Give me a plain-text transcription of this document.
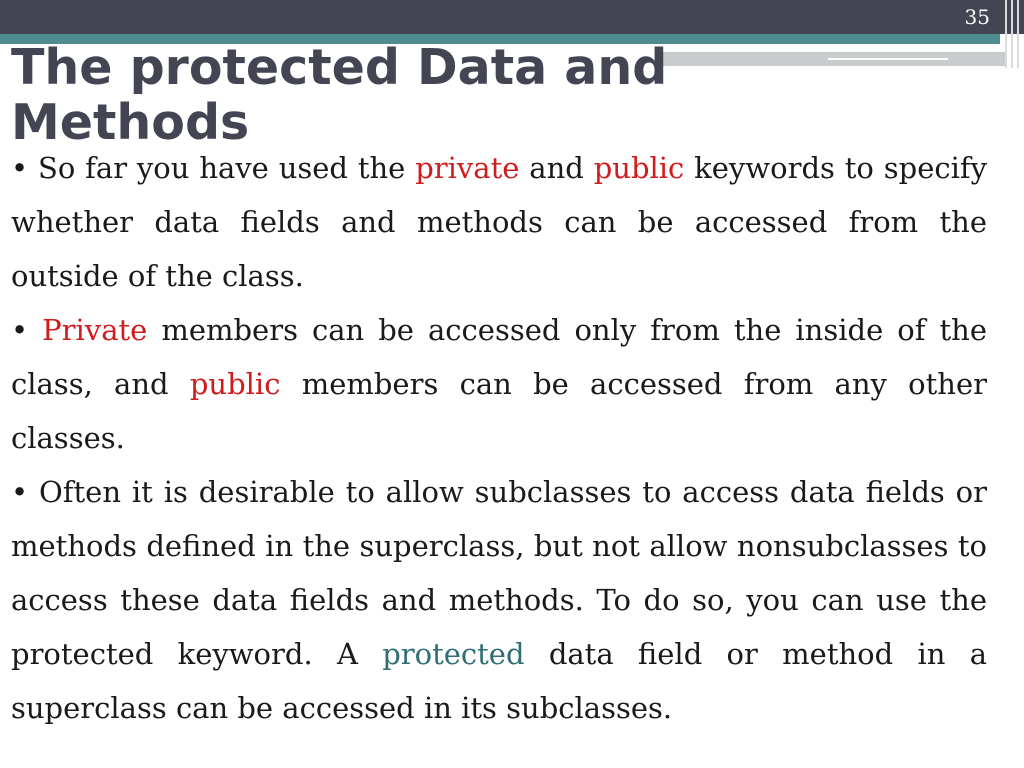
35
The protected Data and Methods

• So far you have used the private and public keywords to specify whether data fields and methods can be accessed from the outside of the class.

• Private members can be accessed only from the inside of the class, and public members can be accessed from any other classes.

• Often it is desirable to allow subclasses to access data fields or methods defined in the superclass, but not allow nonsubclasses to access these data fields and methods. To do so, you can use the protected keyword. A protected data field or method in a superclass can be accessed in its subclasses.
